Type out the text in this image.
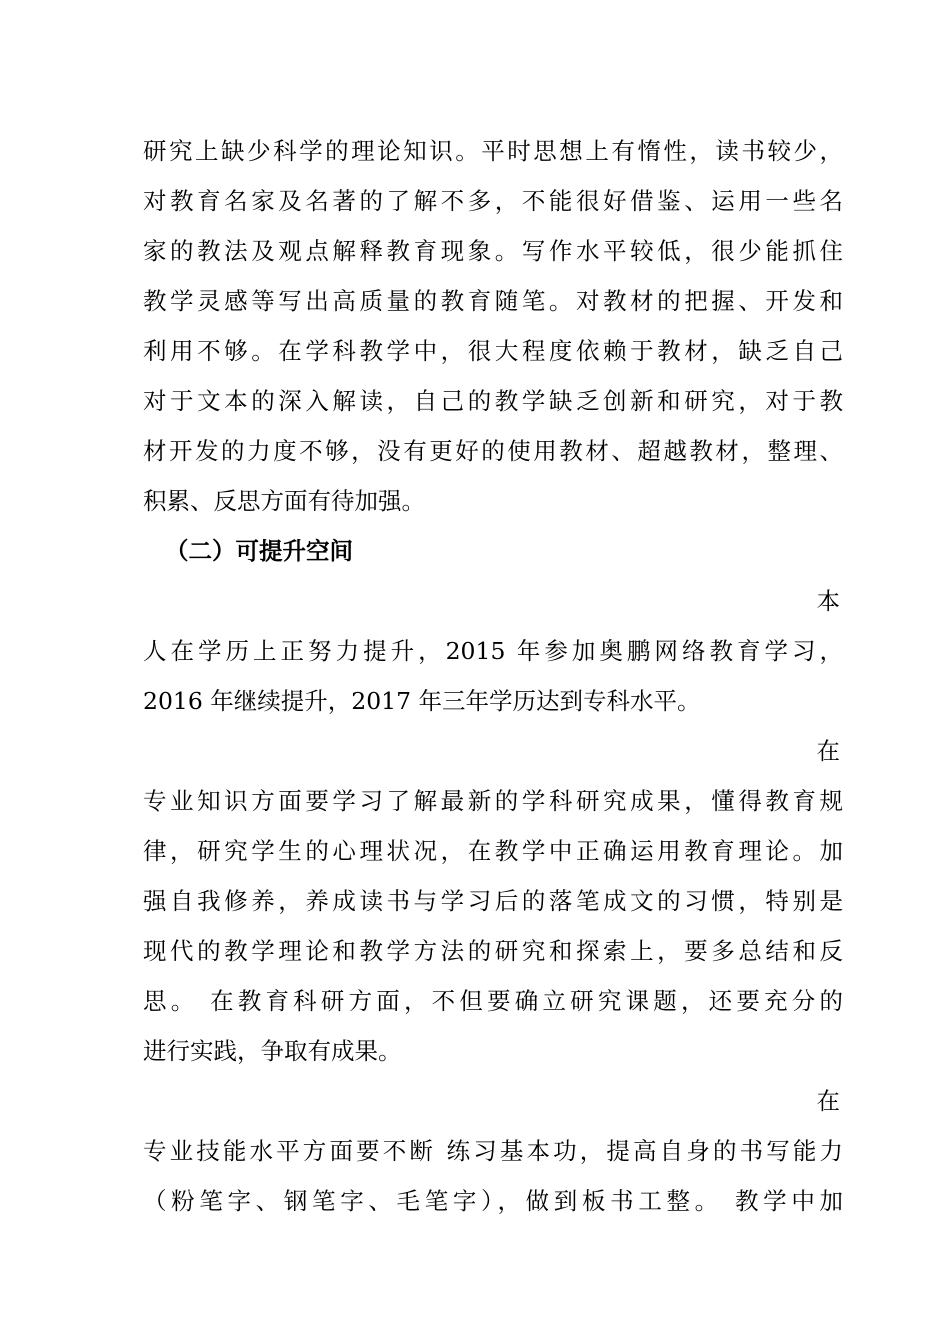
研究上缺少科学的理论知识。平时思想上有惰性，读书较少，
对教育名家及名著的了解不多，不能很好借鉴、运用一些名
家的教法及观点解释教育现象。写作水平较低，很少能抓住
教学灵感等写出高质量的教育随笔。对教材的把握、开发和
利用不够。在学科教学中，很大程度依赖于教材，缺乏自己
对于文本的深入解读，自己的教学缺乏创新和研究，对于教
材开发的力度不够，没有更好的使用教材、超越教材，整理、
积累、反思方面有待加强。
（二）可提升空间
本
人在学历上正努力提升，2015 年参加奥鹏网络教育学习，
2016 年继续提升，2017 年三年学历达到专科水平。
在
专业知识方面要学习了解最新的学科研究成果，懂得教育规
律，研究学生的心理状况，在教学中正确运用教育理论。加
强自我修养，养成读书与学习后的落笔成文的习惯，特别是
现代的教学理论和教学方法的研究和探索上，要多总结和反
思。 在教育科研方面，不但要确立研究课题，还要充分的
进行实践，争取有成果。
在
专业技能水平方面要不断 练习基本功，提高自身的书写能力
（粉笔字、钢笔字、毛笔字），做到板书工整。 教学中加
